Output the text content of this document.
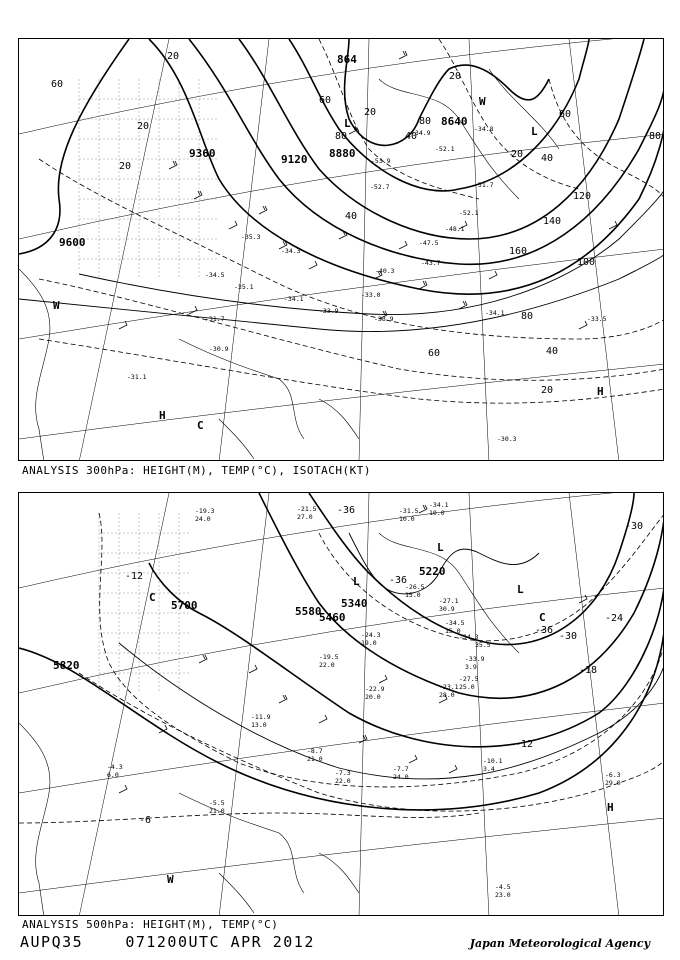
9600
9360	9120 8880
8640
864
20
60
20
40
60
80
20
40
80
120
140
160
100
80
60	40
20
60
20 40
20
80
20
-34.5
-35.1
-34.1
-33.9
-33.9
-34.1
-33.5
-31.7
-30.9
-31.1
-33.0
-35.3
-34.3
-40.3
-43.7
-47.5
-48.1
-52.1
-51.7
-52.1
-52.7
-53.9
-34.9	-34.8
-30.3
L
W
L
H
C
H
W
ANALYSIS 300hPa: HEIGHT(M), TEMP(°C), ISOTACH(KT)
5820
5700	5580
5460
5340
5220
-12
-36
-36
-30
-24
-18
-12
-6
-36
-30
-19.3
24.0
-21.5
27.0
-26.5
15.0
-27.1
30.9
-34.5
15.0
-34.3
35.5
-24.3
19.0
-22.9
20.0
-23.1
28.0
-10.1
3.4
-7.7
24.0	-6.3
29.0
-4.5
23.0
-5.5
21.0
-4.3
6.0
-11.9
13.0
-8.7
21.0
-7.3
22.0
-33.9
3.9
-27.5
25.0
-31.5
10.0
-34.1
10.0
-19.5
22.0
L
L
L
C
W
H
C
ANALYSIS 500hPa: HEIGHT(M), TEMP(°C)
AUPQ35	071200UTC APR 2012	Japan Meteorological Agency
